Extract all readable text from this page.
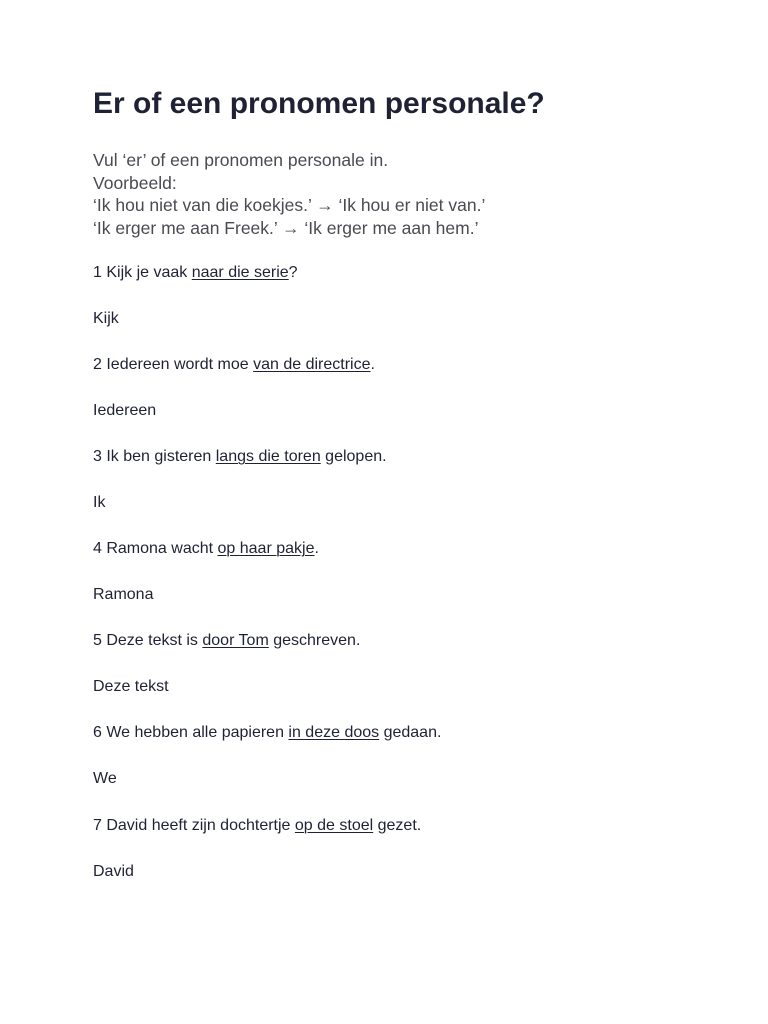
Er of een pronomen personale?
Vul ‘er’ of een pronomen personale in.
Voorbeeld:
‘Ik hou niet van die koekjes.’ → ‘Ik hou er niet van.’
‘Ik erger me aan Freek.’ → ‘Ik erger me aan hem.’
1 Kijk je vaak naar die serie?
Kijk
2 Iedereen wordt moe van de directrice.
Iedereen
3 Ik ben gisteren langs die toren gelopen.
Ik
4 Ramona wacht op haar pakje.
Ramona
5 Deze tekst is door Tom geschreven.
Deze tekst
6 We hebben alle papieren in deze doos gedaan.
We
7 David heeft zijn dochtertje op de stoel gezet.
David
